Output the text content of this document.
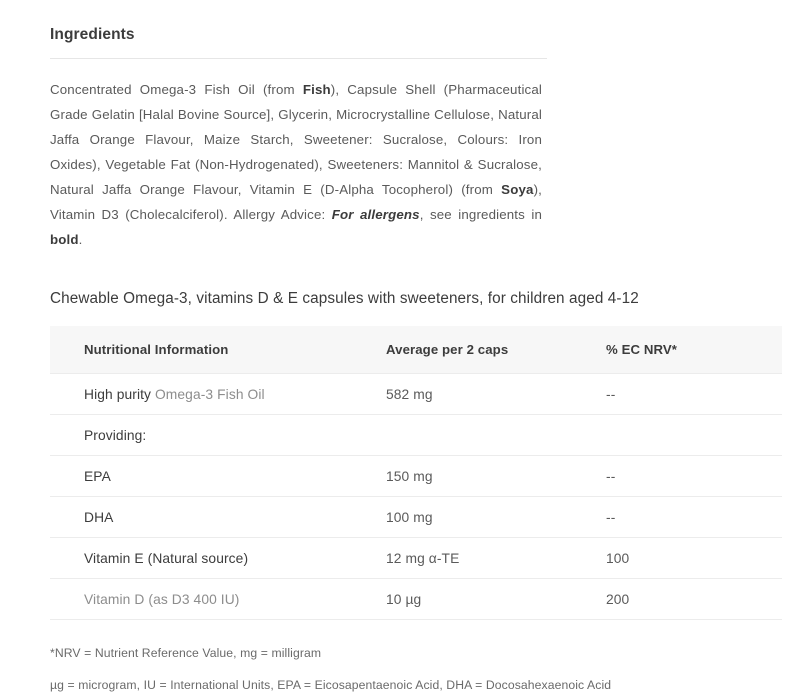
Ingredients

Concentrated Omega-3 Fish Oil (from Fish), Capsule Shell (Pharmaceutical Grade Gelatin [Halal Bovine Source], Glycerin, Microcrystalline Cellulose, Natural Jaffa Orange Flavour, Maize Starch, Sweetener: Sucralose, Colours: Iron Oxides), Vegetable Fat (Non-Hydrogenated), Sweeteners: Mannitol & Sucralose, Natural Jaffa Orange Flavour, Vitamin E (D-Alpha Tocopherol) (from Soya), Vitamin D3 (Cholecalciferol). Allergy Advice: For allergens, see ingredients in bold.

Chewable Omega-3, vitamins D & E capsules with sweeteners, for children aged 4-12
Nutritional Information	Average per 2 caps	% EC NRV*
High purity Omega-3 Fish Oil	582 mg	--
Providing:		
EPA	150 mg	--
DHA	100 mg	--
Vitamin E (Natural source)	12 mg α-TE	100
Vitamin D (as D3 400 IU)	10 µg	200
*NRV = Nutrient Reference Value, mg = milligram
µg = microgram, IU = International Units, EPA = Eicosapentaenoic Acid, DHA = Docosahexaenoic Acid
